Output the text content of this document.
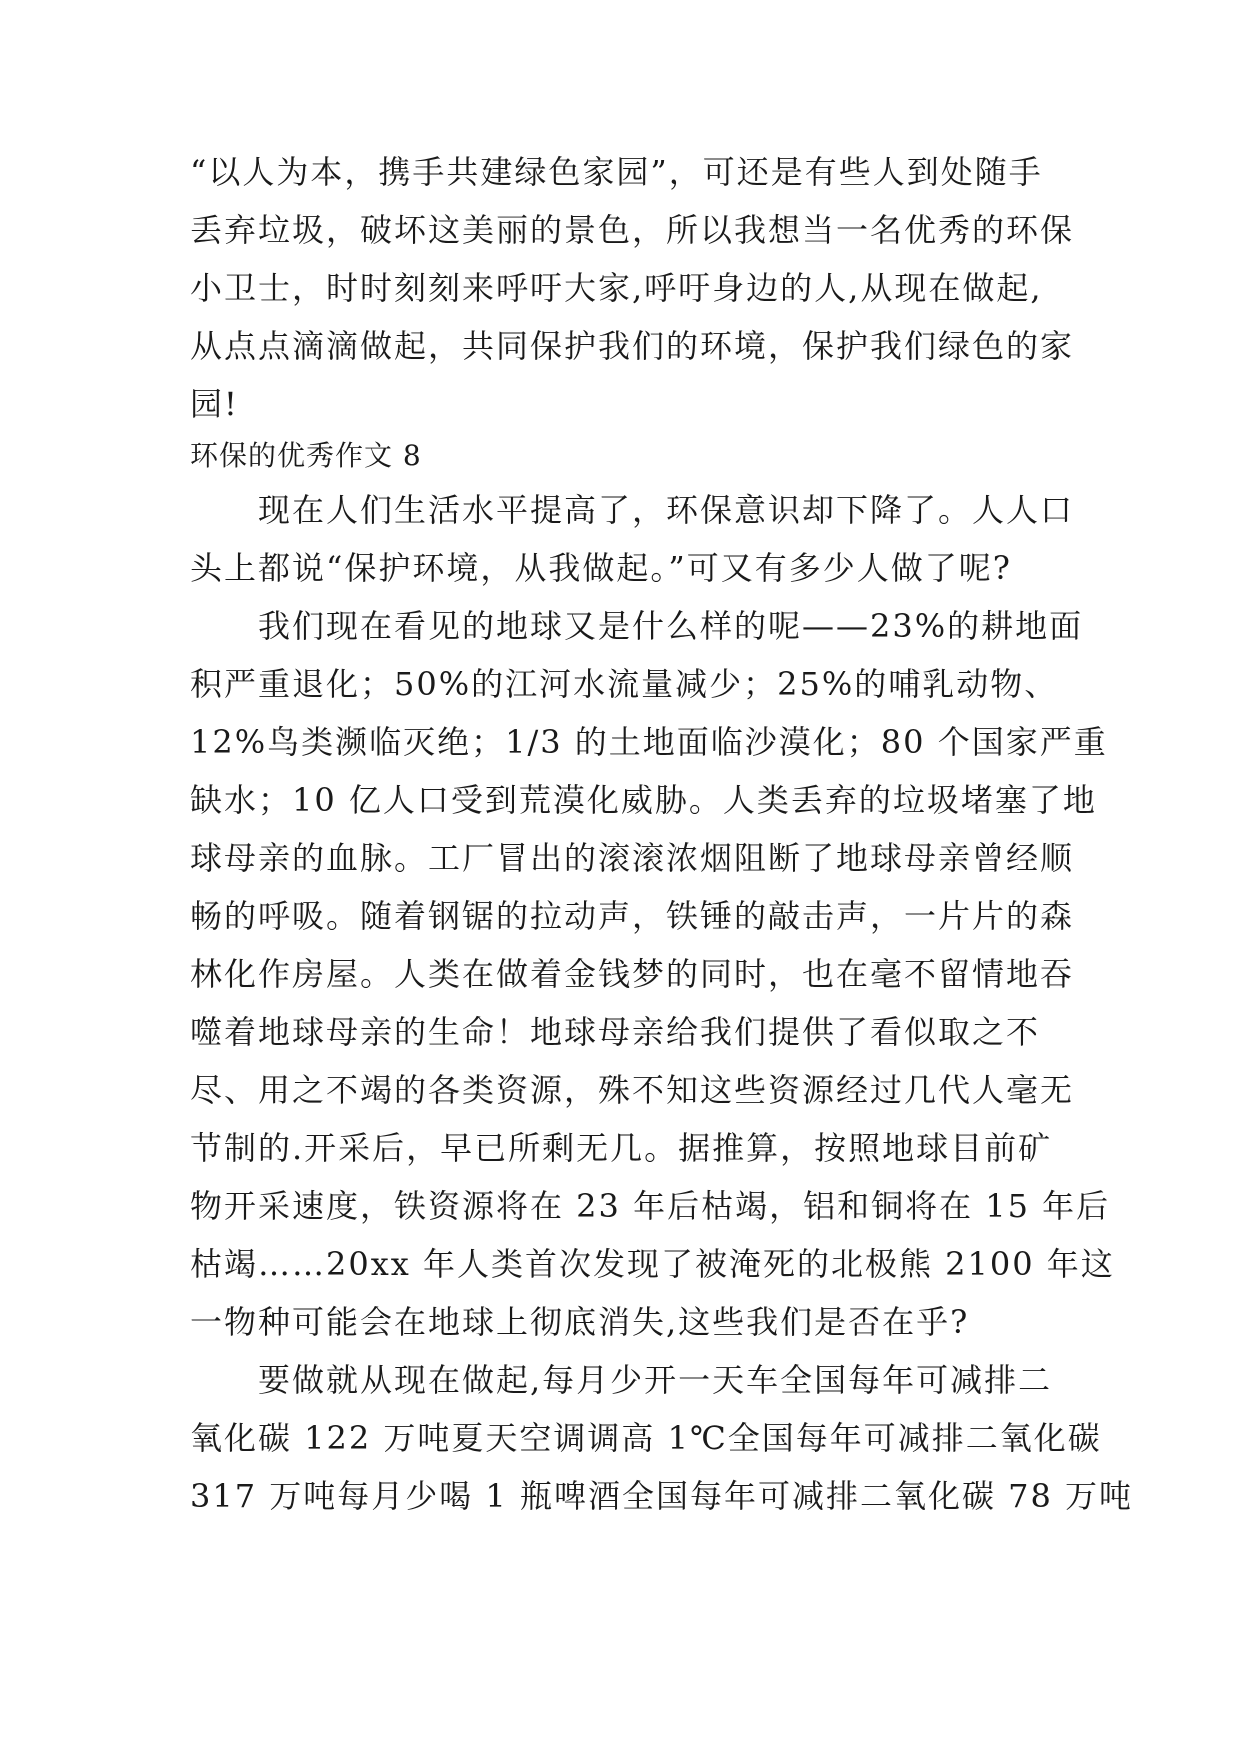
“以人为本，携手共建绿色家园”，可还是有些人到处随手
丢弃垃圾，破坏这美丽的景色，所以我想当一名优秀的环保
小卫士，时时刻刻来呼吁大家,呼吁身边的人,从现在做起,
从点点滴滴做起，共同保护我们的环境，保护我们绿色的家
园!
环保的优秀作文 8
现在人们生活水平提高了，环保意识却下降了。人人口
头上都说“保护环境，从我做起。”可又有多少人做了呢?
我们现在看见的地球又是什么样的呢——23%的耕地面
积严重退化；50%的江河水流量减少；25%的哺乳动物、
12%鸟类濒临灭绝；1/3 的土地面临沙漠化；80 个国家严重
缺水；10 亿人口受到荒漠化威胁。人类丢弃的垃圾堵塞了地
球母亲的血脉。工厂冒出的滚滚浓烟阻断了地球母亲曾经顺
畅的呼吸。随着钢锯的拉动声，铁锤的敲击声，一片片的森
林化作房屋。人类在做着金钱梦的同时，也在毫不留情地吞
噬着地球母亲的生命！地球母亲给我们提供了看似取之不
尽、用之不竭的各类资源，殊不知这些资源经过几代人毫无
节制的.开采后，早已所剩无几。据推算，按照地球目前矿
物开采速度，铁资源将在 23 年后枯竭，铝和铜将在 15 年后
枯竭……20xx 年人类首次发现了被淹死的北极熊 2100 年这
一物种可能会在地球上彻底消失,这些我们是否在乎?
要做就从现在做起,每月少开一天车全国每年可减排二
氧化碳 122 万吨夏天空调调高 1℃全国每年可减排二氧化碳
317 万吨每月少喝 1 瓶啤酒全国每年可减排二氧化碳 78 万吨
